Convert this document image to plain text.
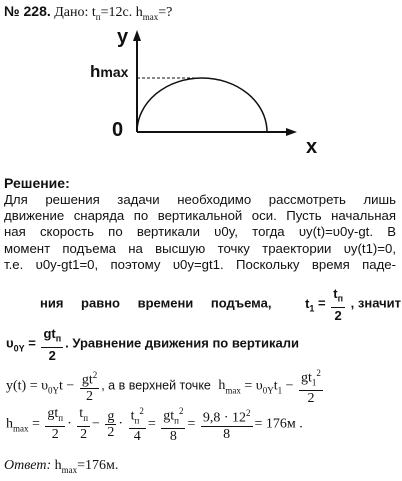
№ 228. Дано: $t_п=12c$. $h_{max}=$?
y
x
0
hmax
Решение:
Для решения задачи необходимо рассмотреть лишь
движение снаряда по вертикальной оси. Пусть начальная
ная скорость по вертикали υ0y, тогда υy(t)=υ0y-gt. В
момент подъема на высшую точку траектории υy(t1)=0,
т.е. υ0y-gt1=0, поэтому υ0y=gt1. Поскольку время паде-
ния равно времени подъема,	$t_1 = \frac{t_п}{2}$ , значит
$\upsilon_{0Y} = \frac{gt_п}{2}$ . Уравнение движения по вертикали
$y(t) = \upsilon_{0Y}t - \frac{gt^2}{2}$ , а в верхней точке $h_{max} = \upsilon_{0Y}t_1 - \frac{gt_1^2}{2}$
$h_{max} = \frac{gt_п}{2} \cdot \frac{t_п}{2} - \frac{g}{2} \cdot \frac{t_п^2}{4} = \frac{gt_п^2}{8} = \frac{9,8 \cdot 12^2}{8} = 176м$ .
Ответ: $h_{max}=176м$.
